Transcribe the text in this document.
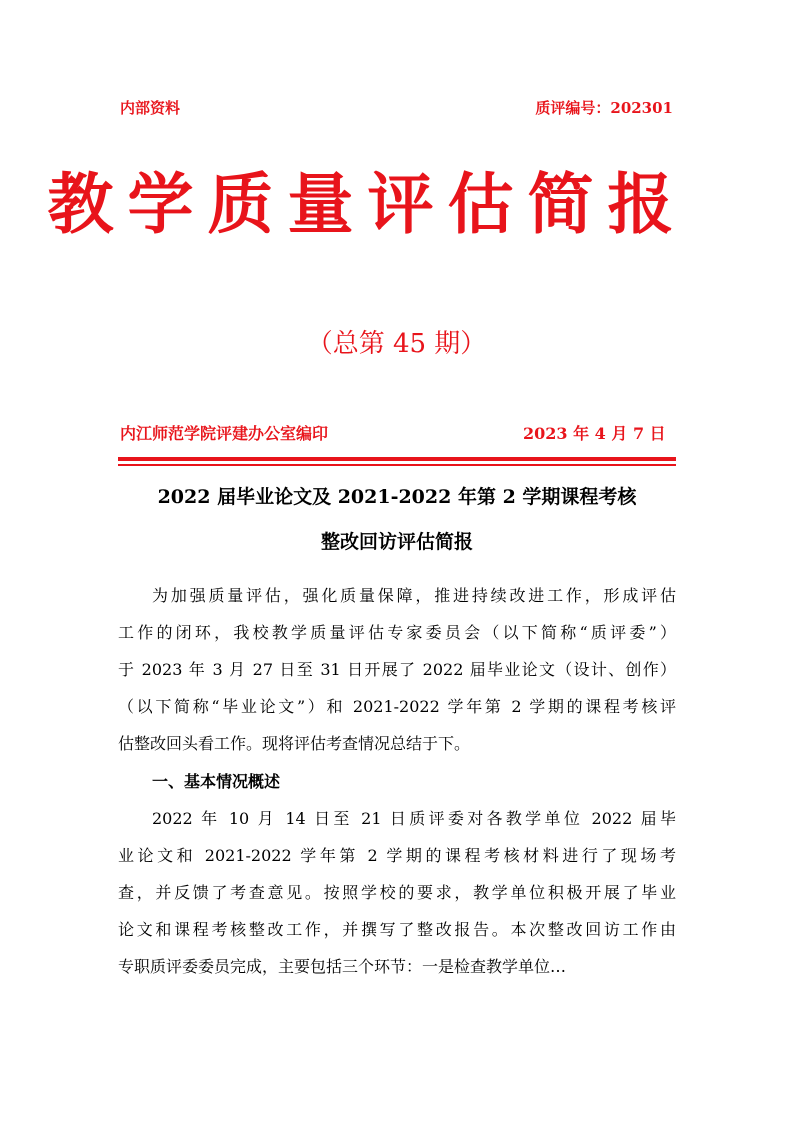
内部资料	质评编号：202301
教学质量评估简报
（总第 45 期）
内江师范学院评建办公室编印	2023 年 4 月 7 日
2022 届毕业论文及 2021-2022 年第 2 学期课程考核
整改回访评估简报
为加强质量评估，强化质量保障，推进持续改进工作，形成评估
工作的闭环，我校教学质量评估专家委员会（以下简称“质评委”）
于 2023 年 3 月 27 日至 31 日开展了 2022 届毕业论文（设计、创作）
（以下简称“毕业论文”）和 2021-2022 学年第 2 学期的课程考核评
估整改回头看工作。现将评估考查情况总结于下。
一、基本情况概述
2022 年 10 月 14 日至 21 日质评委对各教学单位 2022 届毕
业论文和 2021-2022 学年第 2 学期的课程考核材料进行了现场考
查，并反馈了考查意见。按照学校的要求，教学单位积极开展了毕业
论文和课程考核整改工作，并撰写了整改报告。本次整改回访工作由
专职质评委委员完成，主要包括三个环节：一是检查教学单位…
